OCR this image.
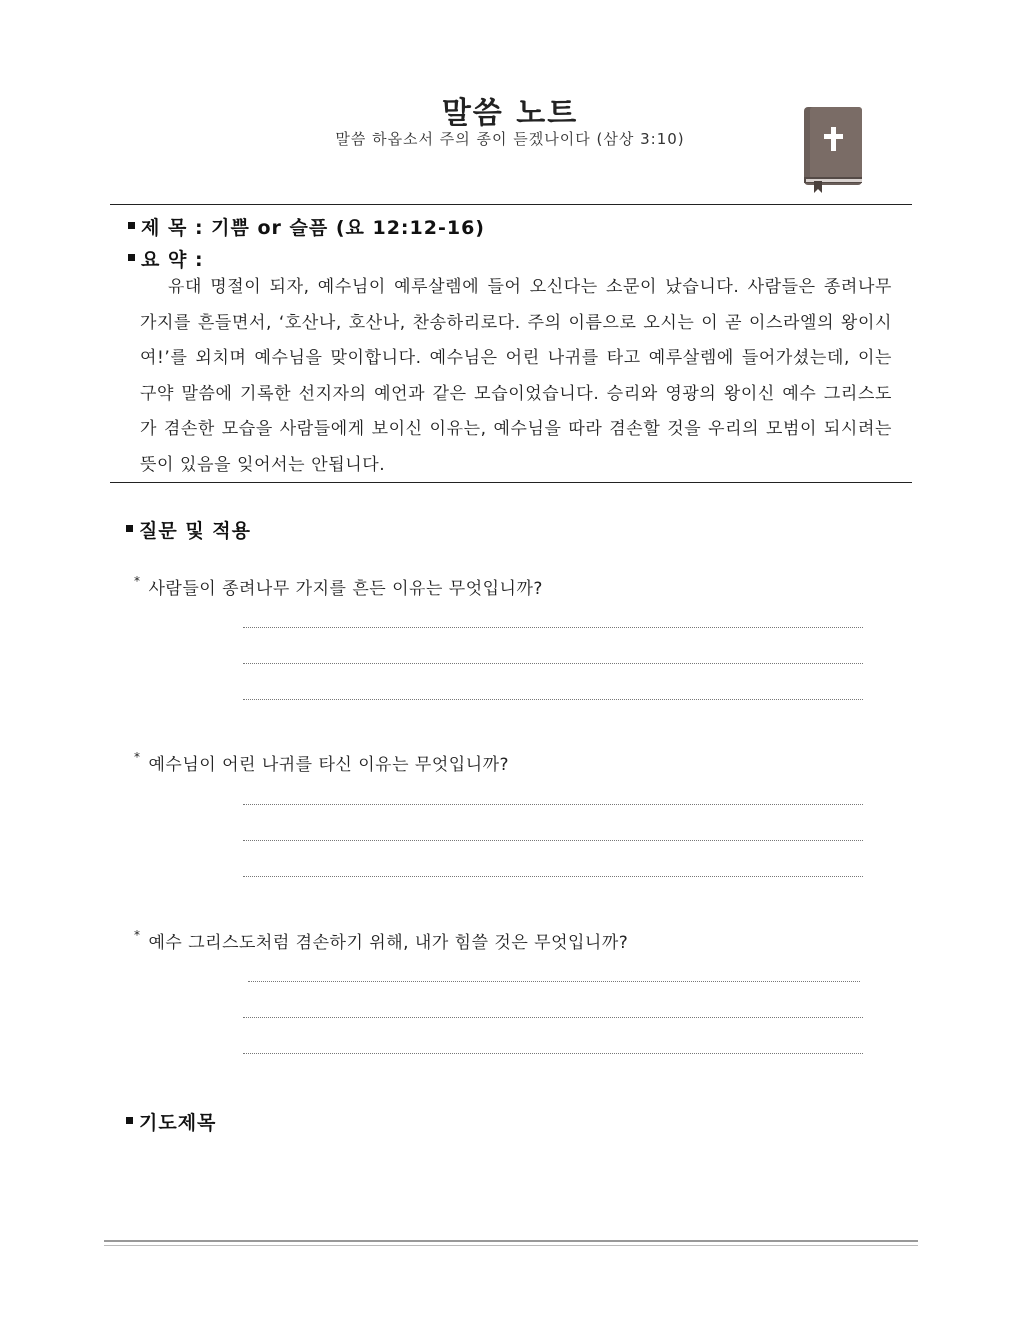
말씀 노트
말씀 하옵소서 주의 종이 듣겠나이다 (삼상 3:10)
제 목 : 기쁨 or 슬픔 (요 12:12-16)
요 약 :
유대 명절이 되자, 예수님이 예루살렘에 들어 오신다는 소문이 났습니다. 사람들은 종려나무 가지를 흔들면서, ‘호산나, 호산나, 찬송하리로다. 주의 이름으로 오시는 이 곧 이스라엘의 왕이시여!’를 외치며 예수님을 맞이합니다. 예수님은 어린 나귀를 타고 예루살렘에 들어가셨는데, 이는 구약 말씀에 기록한 선지자의 예언과 같은 모습이었습니다. 승리와 영광의 왕이신 예수 그리스도가 겸손한 모습을 사람들에게 보이신 이유는, 예수님을 따라 겸손할 것을 우리의 모범이 되시려는 뜻이 있음을 잊어서는 안됩니다.
질문 및 적용
* 사람들이 종려나무 가지를 흔든 이유는 무엇입니까?
* 예수님이 어린 나귀를 타신 이유는 무엇입니까?
* 예수 그리스도처럼 겸손하기 위해, 내가 힘쓸 것은 무엇입니까?
기도제목
